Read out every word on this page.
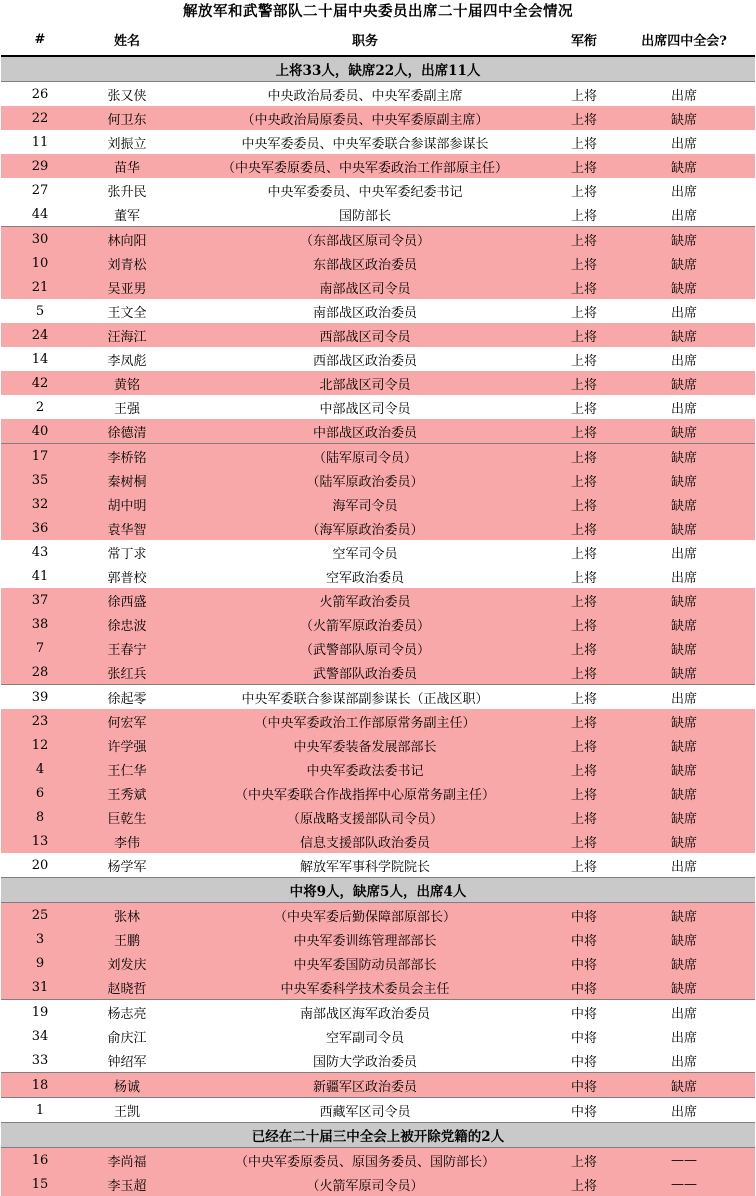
解放军和武警部队二十届中央委员出席二十届四中全会情况
#	姓名	职务	军衔	出席四中全会?
上将33人，缺席22人，出席11人				
26	张又侠	中央政治局委员、中央军委副主席	上将	出席
22	何卫东	（中央政治局原委员、中央军委原副主席）	上将	缺席
11	刘振立	中央军委委员、中央军委联合参谋部参谋长	上将	出席
29	苗华	（中央军委原委员、中央军委政治工作部原主任）	上将	缺席
27	张升民	中央军委委员、中央军委纪委书记	上将	出席
44	董军	国防部长	上将	出席
30	林向阳	（东部战区原司令员）	上将	缺席
10	刘青松	东部战区政治委员	上将	缺席
21	吴亚男	南部战区司令员	上将	缺席
5	王文全	南部战区政治委员	上将	出席
24	汪海江	西部战区司令员	上将	缺席
14	李凤彪	西部战区政治委员	上将	出席
42	黄铭	北部战区司令员	上将	缺席
2	王强	中部战区司令员	上将	出席
40	徐德清	中部战区政治委员	上将	缺席
17	李桥铭	（陆军原司令员）	上将	缺席
35	秦树桐	（陆军原政治委员）	上将	缺席
32	胡中明	海军司令员	上将	缺席
36	袁华智	（海军原政治委员）	上将	缺席
43	常丁求	空军司令员	上将	出席
41	郭普校	空军政治委员	上将	出席
37	徐西盛	火箭军政治委员	上将	缺席
38	徐忠波	（火箭军原政治委员）	上将	缺席
7	王春宁	（武警部队原司令员）	上将	缺席
28	张红兵	武警部队政治委员	上将	缺席
39	徐起零	中央军委联合参谋部副参谋长（正战区职）	上将	出席
23	何宏军	（中央军委政治工作部原常务副主任）	上将	缺席
12	许学强	中央军委装备发展部部长	上将	缺席
4	王仁华	中央军委政法委书记	上将	缺席
6	王秀斌	（中央军委联合作战指挥中心原常务副主任）	上将	缺席
8	巨乾生	（原战略支援部队司令员）	上将	缺席
13	李伟	信息支援部队政治委员	上将	缺席
20	杨学军	解放军军事科学院院长	上将	出席
中将9人，缺席5人，出席4人				
25	张林	（中央军委后勤保障部原部长）	中将	缺席
3	王鹏	中央军委训练管理部部长	中将	缺席
9	刘发庆	中央军委国防动员部部长	中将	缺席
31	赵晓哲	中央军委科学技术委员会主任	中将	缺席
19	杨志亮	南部战区海军政治委员	中将	出席
34	俞庆江	空军副司令员	中将	出席
33	钟绍军	国防大学政治委员	中将	出席
18	杨诚	新疆军区政治委员	中将	缺席
1	王凯	西藏军区司令员	中将	出席
已经在二十届三中全会上被开除党籍的2人				
16	李尚福	（中央军委原委员、原国务委员、国防部长）	上将	——
15	李玉超	（火箭军原司令员）	上将	——
